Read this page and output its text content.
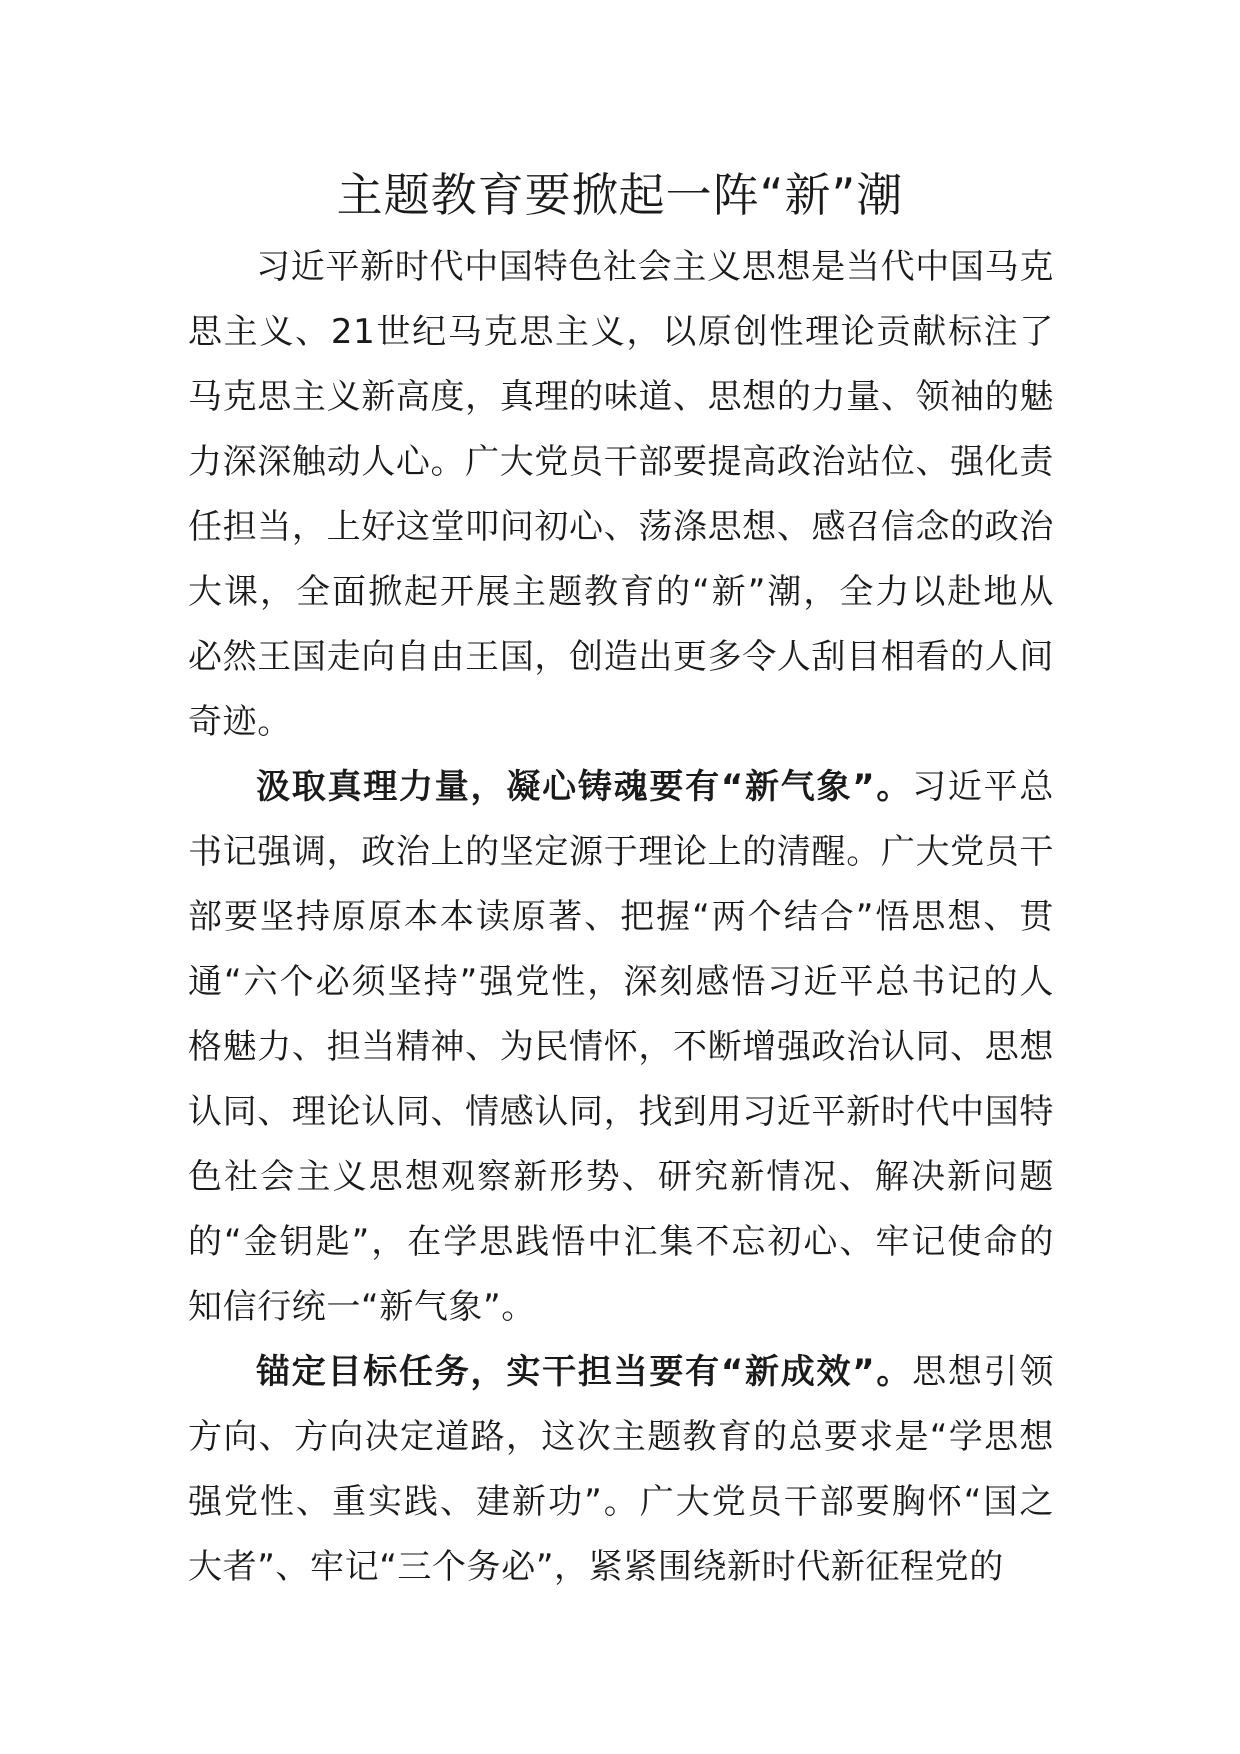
主题教育要掀起一阵“新”潮

习近平新时代中国特色社会主义思想是当代中国马克思主义、21世纪马克思主义，以原创性理论贡献标注了马克思主义新高度，真理的味道、思想的力量、领袖的魅力深深触动人心。广大党员干部要提高政治站位、强化责任担当，上好这堂叩问初心、荡涤思想、感召信念的政治大课，全面掀起开展主题教育的“新”潮，全力以赴地从必然王国走向自由王国，创造出更多令人刮目相看的人间奇迹。

汲取真理力量，凝心铸魂要有“新气象”。习近平总书记强调，政治上的坚定源于理论上的清醒。广大党员干部要坚持原原本本读原著、把握“两个结合”悟思想、贯通“六个必须坚持”强党性，深刻感悟习近平总书记的人格魅力、担当精神、为民情怀，不断增强政治认同、思想认同、理论认同、情感认同，找到用习近平新时代中国特色社会主义思想观察新形势、研究新情况、解决新问题的“金钥匙”，在学思践悟中汇集不忘初心、牢记使命的知信行统一“新气象”。

锚定目标任务，实干担当要有“新成效”。思想引领方向、方向决定道路，这次主题教育的总要求是“学思想强党性、重实践、建新功”。广大党员干部要胸怀“国之大者”、牢记“三个务必”，紧紧围绕新时代新征程党的
